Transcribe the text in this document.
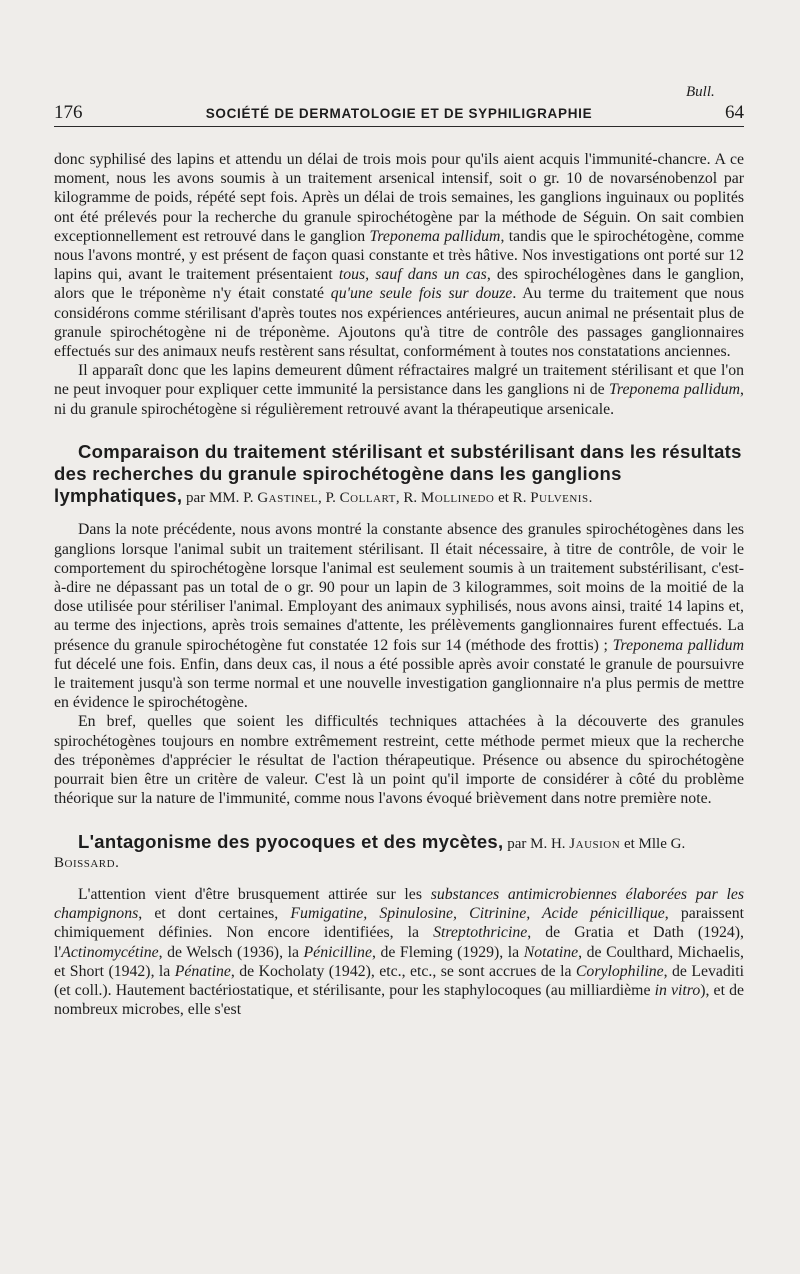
Bull.
176	SOCIÉTÉ DE DERMATOLOGIE ET DE SYPHILIGRAPHIE	64

donc syphilisé des lapins et attendu un délai de trois mois pour qu'ils aient acquis l'immunité-chancre. A ce moment, nous les avons soumis à un traitement arsenical intensif, soit o gr. 10 de novarsénobenzol par kilogramme de poids, répété sept fois. Après un délai de trois semaines, les ganglions inguinaux ou poplités ont été prélevés pour la recherche du granule spirochétogène par la méthode de Séguin. On sait combien exceptionnellement est retrouvé dans le ganglion Treponema pallidum, tandis que le spirochétogène, comme nous l'avons montré, y est présent de façon quasi constante et très hâtive. Nos investigations ont porté sur 12 lapins qui, avant le traitement présentaient tous, sauf dans un cas, des spirochélogènes dans le ganglion, alors que le tréponème n'y était constaté qu'une seule fois sur douze. Au terme du traitement que nous considérons comme stérilisant d'après toutes nos expériences antérieures, aucun animal ne présentait plus de granule spirochétogène ni de tréponème. Ajoutons qu'à titre de contrôle des passages ganglionnaires effectués sur des animaux neufs restèrent sans résultat, conformément à toutes nos constatations anciennes.

Il apparaît donc que les lapins demeurent dûment réfractaires malgré un traitement stérilisant et que l'on ne peut invoquer pour expliquer cette immunité la persistance dans les ganglions ni de Treponema pallidum, ni du granule spirochétogène si régulièrement retrouvé avant la thérapeutique arsenicale.

Comparaison du traitement stérilisant et substérilisant dans les résultats des recherches du granule spirochétogène dans les ganglions lymphatiques, par MM. P. Gastinel, P. Collart, R. Mollinedo et R. Pulvenis.

Dans la note précédente, nous avons montré la constante absence des granules spirochétogènes dans les ganglions lorsque l'animal subit un traitement stérilisant. Il était nécessaire, à titre de contrôle, de voir le comportement du spirochétogène lorsque l'animal est seulement soumis à un traitement substérilisant, c'est-à-dire ne dépassant pas un total de o gr. 90 pour un lapin de 3 kilogrammes, soit moins de la moitié de la dose utilisée pour stériliser l'animal. Employant des animaux syphilisés, nous avons ainsi, traité 14 lapins et, au terme des injections, après trois semaines d'attente, les prélèvements ganglionnaires furent effectués. La présence du granule spirochétogène fut constatée 12 fois sur 14 (méthode des frottis) ; Treponema pallidum fut décelé une fois. Enfin, dans deux cas, il nous a été possible après avoir constaté le granule de poursuivre le traitement jusqu'à son terme normal et une nouvelle investigation ganglionnaire n'a plus permis de mettre en évidence le spirochétogène.

En bref, quelles que soient les difficultés techniques attachées à la découverte des granules spirochétogènes toujours en nombre extrêmement restreint, cette méthode permet mieux que la recherche des tréponèmes d'apprécier le résultat de l'action thérapeutique. Présence ou absence du spirochétogène pourrait bien être un critère de valeur. C'est là un point qu'il importe de considérer à côté du problème théorique sur la nature de l'immunité, comme nous l'avons évoqué brièvement dans notre première note.

L'antagonisme des pyocoques et des mycètes, par M. H. Jausion et Mlle G. Boissard.

L'attention vient d'être brusquement attirée sur les substances antimicrobiennes élaborées par les champignons, et dont certaines, Fumigatine, Spinulosine, Citrinine, Acide pénicillique, paraissent chimiquement définies. Non encore identifiées, la Streptothricine, de Gratia et Dath (1924), l'Actinomycétine, de Welsch (1936), la Pénicilline, de Fleming (1929), la Notatine, de Coulthard, Michaelis, et Short (1942), la Pénatine, de Kocholaty (1942), etc., etc., se sont accrues de la Corylophiline, de Levaditi (et coll.). Hautement bactériostatique, et stérilisante, pour les staphylocoques (au milliardième in vitro), et de nombreux microbes, elle s'est
